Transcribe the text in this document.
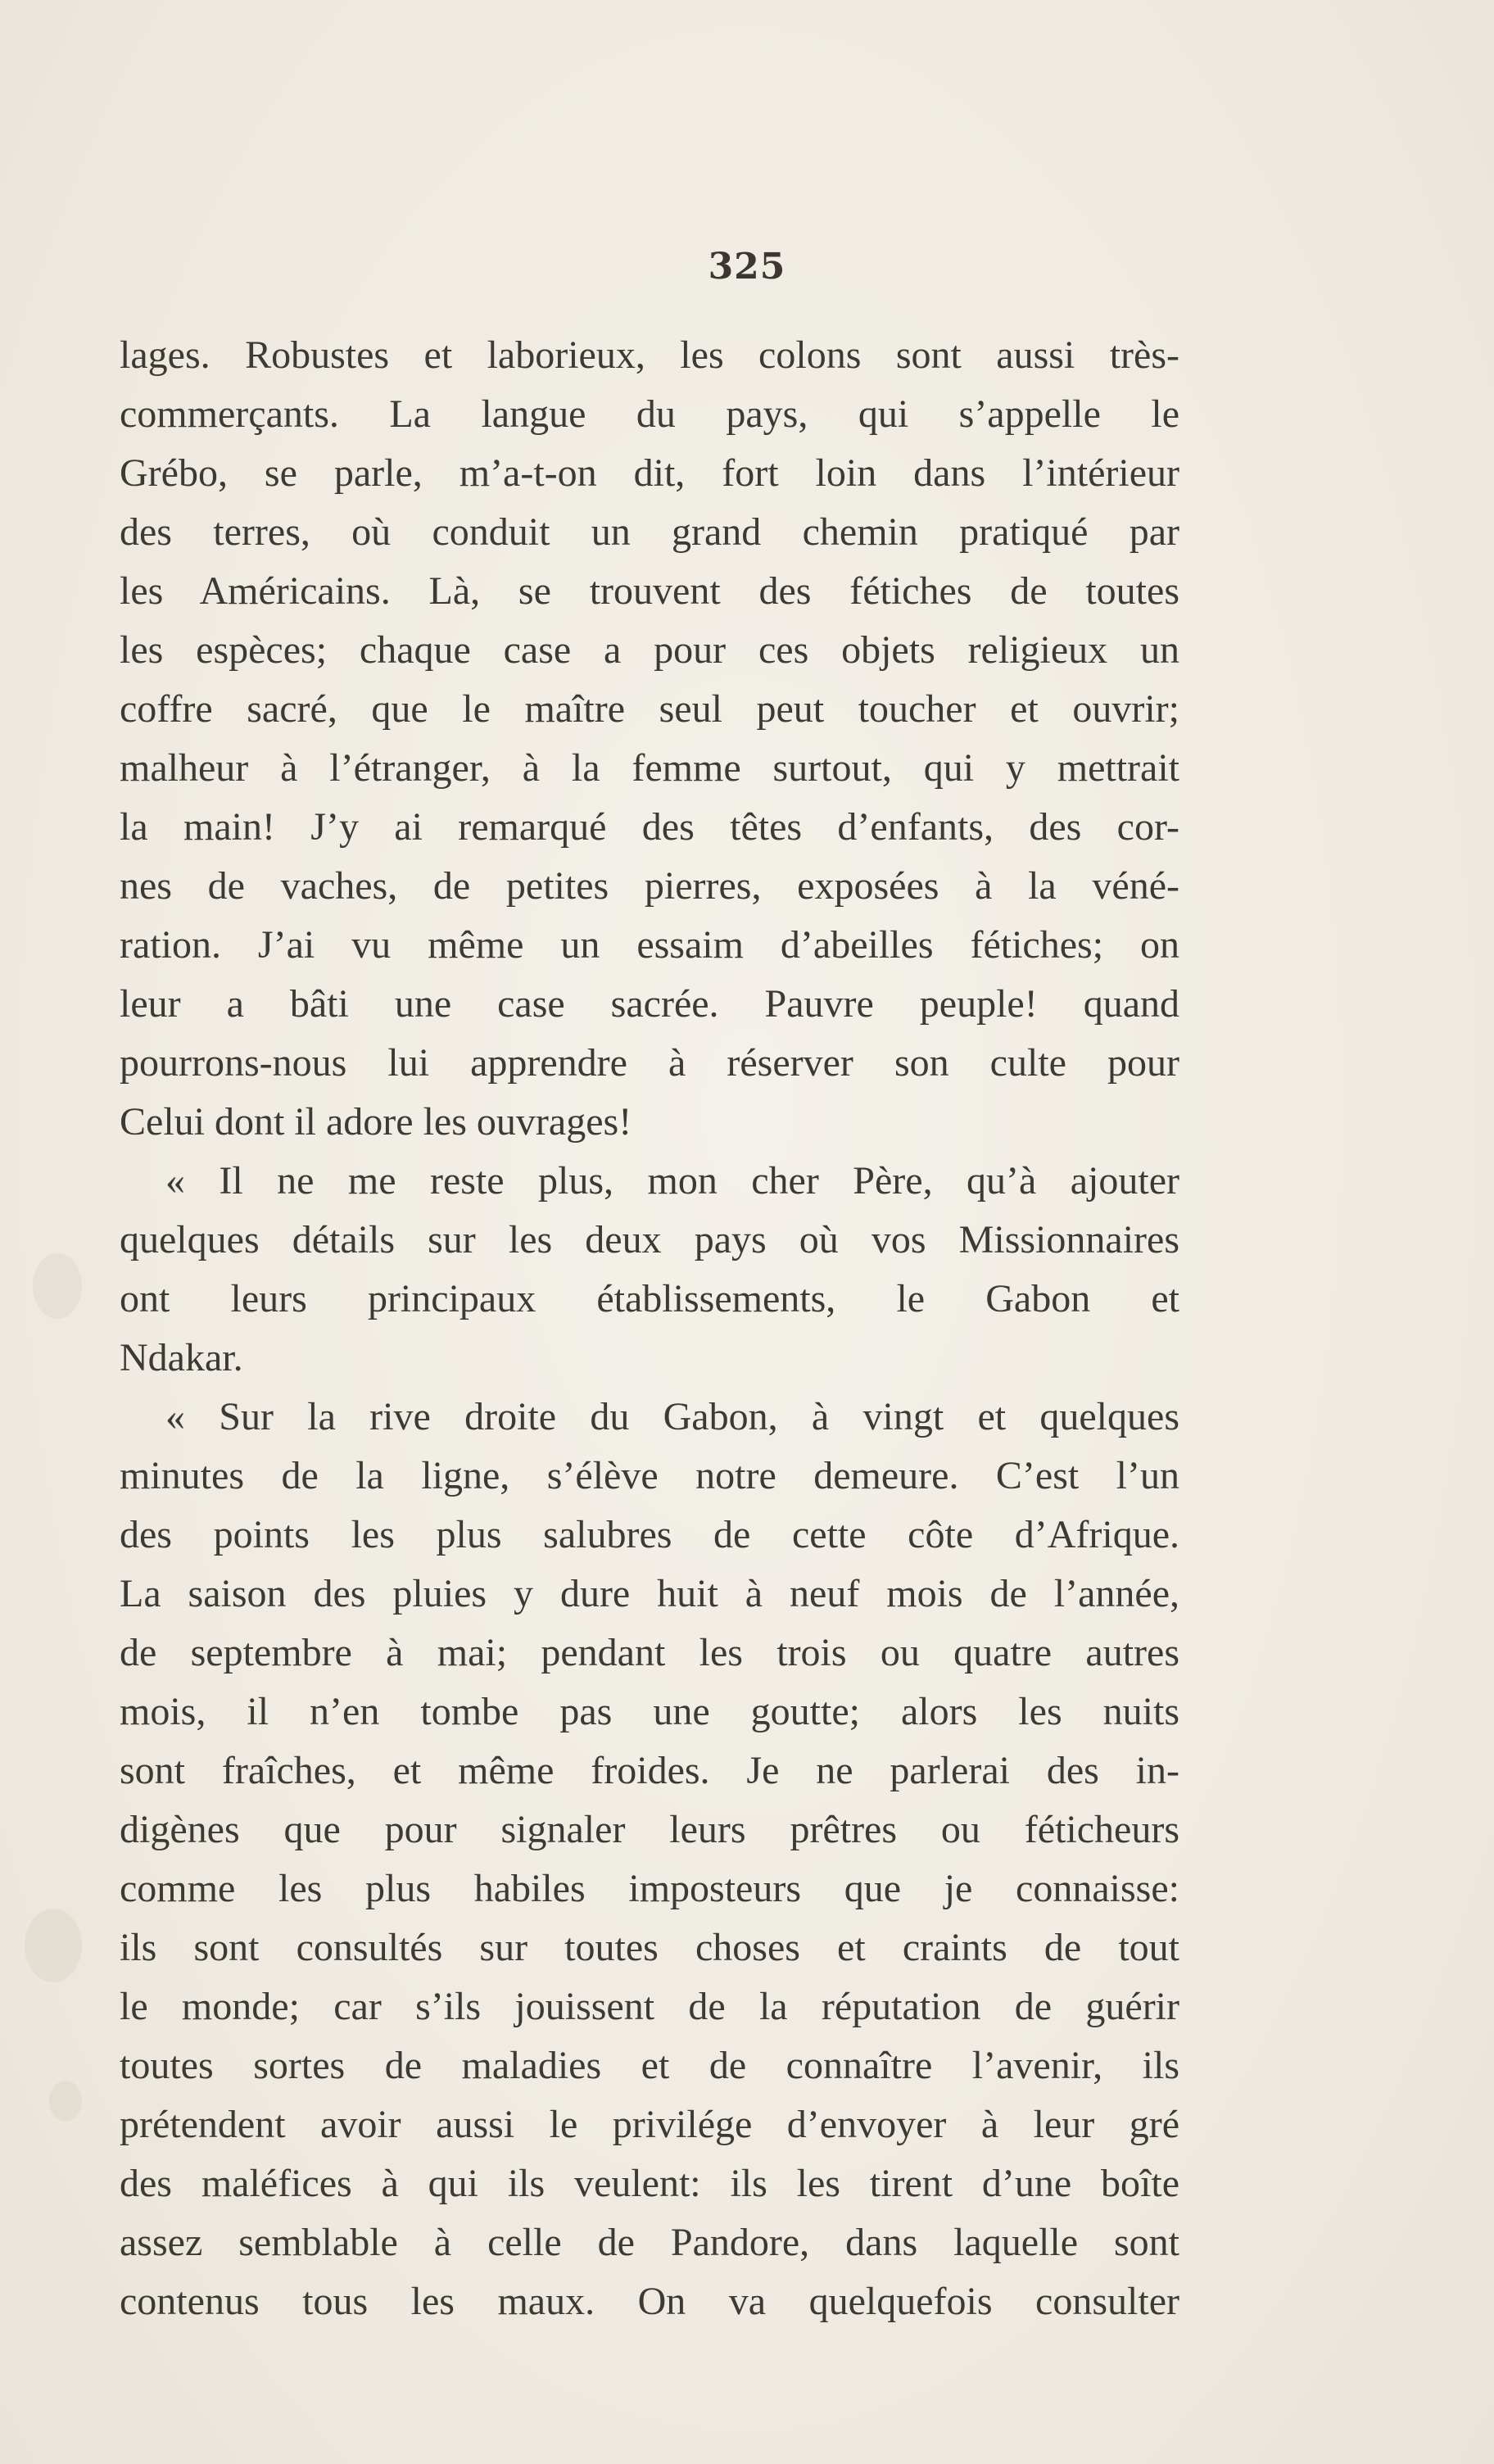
325
lages. Robustes et laborieux, les colons sont aussi très-
commerçants. La langue du pays, qui s’appelle le
Grébo, se parle, m’a-t-on dit, fort loin dans l’intérieur
des terres, où conduit un grand chemin pratiqué par
les Américains. Là, se trouvent des fétiches de toutes
les espèces; chaque case a pour ces objets religieux un
coffre sacré, que le maître seul peut toucher et ouvrir;
malheur à l’étranger, à la femme surtout, qui y mettrait
la main! J’y ai remarqué des têtes d’enfants, des cor-
nes de vaches, de petites pierres, exposées à la véné-
ration. J’ai vu même un essaim d’abeilles fétiches; on
leur a bâti une case sacrée. Pauvre peuple! quand
pourrons-nous lui apprendre à réserver son culte pour
Celui dont il adore les ouvrages!
« Il ne me reste plus, mon cher Père, qu’à ajouter
quelques détails sur les deux pays où vos Missionnaires
ont leurs principaux établissements, le Gabon et
Ndakar.
« Sur la rive droite du Gabon, à vingt et quelques
minutes de la ligne, s’élève notre demeure. C’est l’un
des points les plus salubres de cette côte d’Afrique.
La saison des pluies y dure huit à neuf mois de l’année,
de septembre à mai; pendant les trois ou quatre autres
mois, il n’en tombe pas une goutte; alors les nuits
sont fraîches, et même froides. Je ne parlerai des in-
digènes que pour signaler leurs prêtres ou féticheurs
comme les plus habiles imposteurs que je connaisse:
ils sont consultés sur toutes choses et craints de tout
le monde; car s’ils jouissent de la réputation de guérir
toutes sortes de maladies et de connaître l’avenir, ils
prétendent avoir aussi le privilége d’envoyer à leur gré
des maléfices à qui ils veulent: ils les tirent d’une boîte
assez semblable à celle de Pandore, dans laquelle sont
contenus tous les maux. On va quelquefois consulter
